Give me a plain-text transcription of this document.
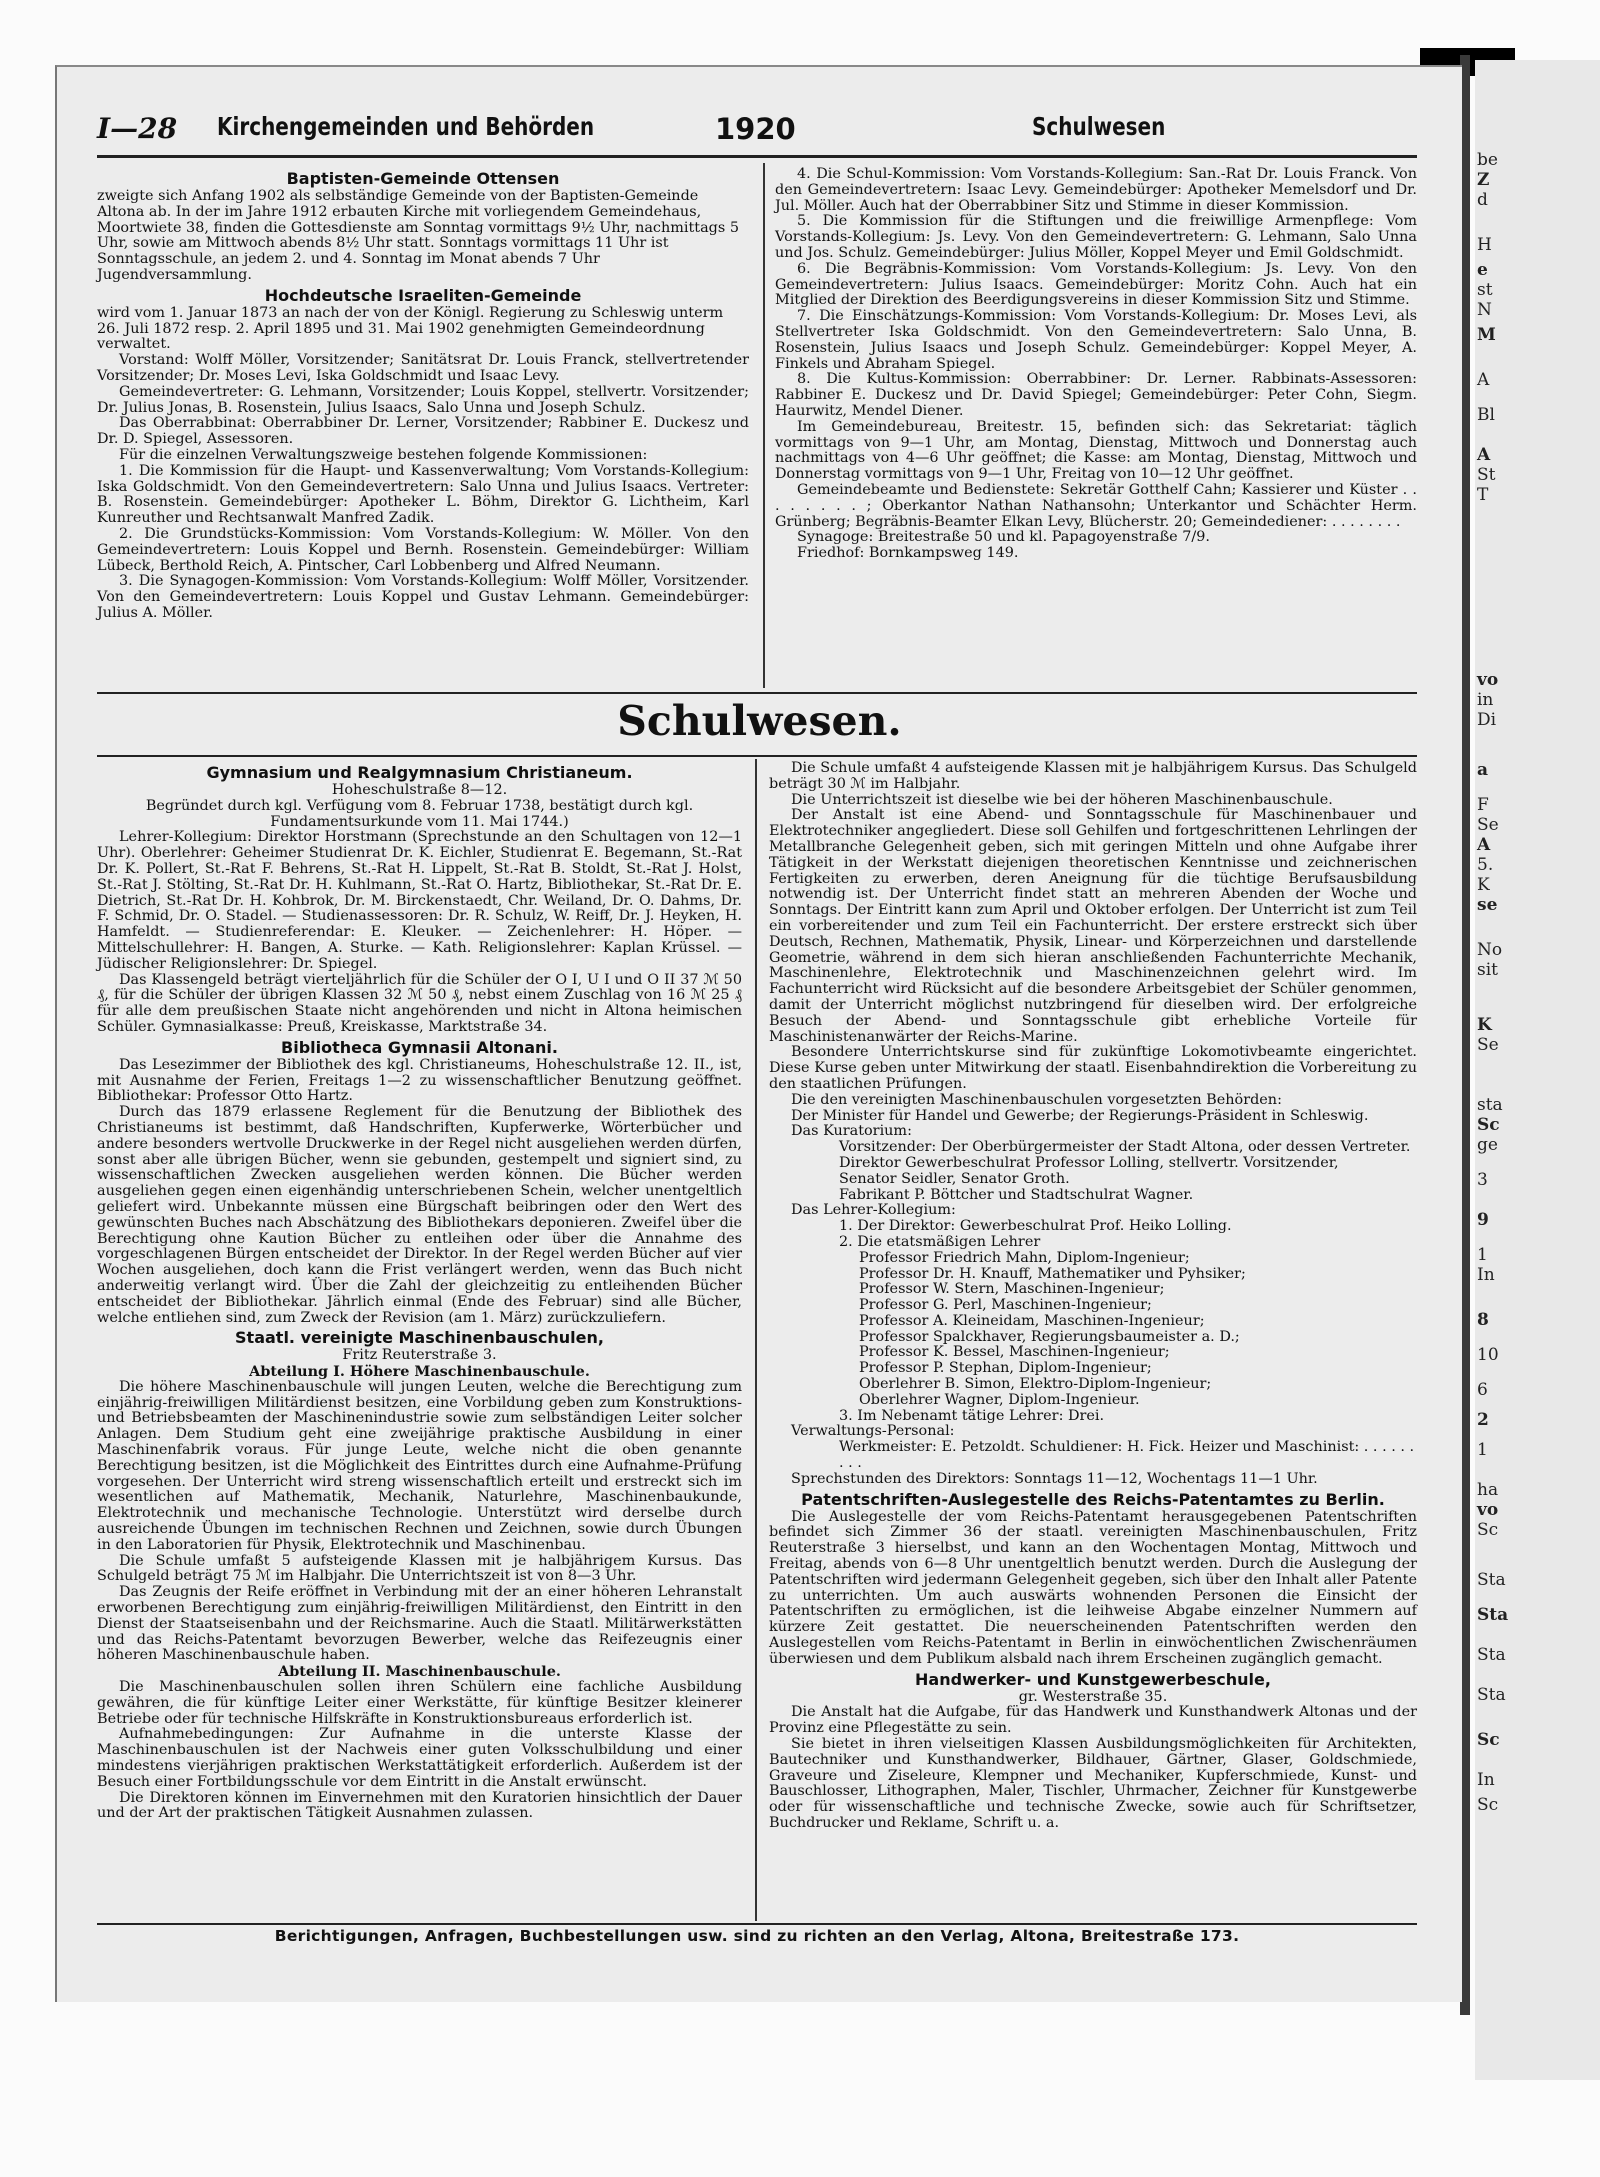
I—28 Kirchengemeinden und Behörden	1920	Schulwesen

Baptisten-Gemeinde Ottensen

zweigte sich Anfang 1902 als selbständige Gemeinde von der Baptisten-Gemeinde Altona ab. In der im Jahre 1912 erbauten Kirche mit vorliegendem Gemeindehaus, Moortwiete 38, finden die Gottesdienste am Sonntag vormittags 9½ Uhr, nachmittags 5 Uhr, sowie am Mittwoch abends 8½ Uhr statt. Sonntags vormittags 11 Uhr ist Sonntagsschule, an jedem 2. und 4. Sonntag im Monat abends 7 Uhr Jugendversammlung.

Hochdeutsche Israeliten-Gemeinde

wird vom 1. Januar 1873 an nach der von der Königl. Regierung zu Schleswig unterm 26. Juli 1872 resp. 2. April 1895 und 31. Mai 1902 genehmigten Gemeindeordnung verwaltet.

Vorstand: Wolff Möller, Vorsitzender; Sanitätsrat Dr. Louis Franck, stellvertretender Vorsitzender; Dr. Moses Levi, Iska Goldschmidt und Isaac Levy.

Gemeindevertreter: G. Lehmann, Vorsitzender; Louis Koppel, stellvertr. Vorsitzender; Dr. Julius Jonas, B. Rosenstein, Julius Isaacs, Salo Unna und Joseph Schulz.

Das Oberrabbinat: Oberrabbiner Dr. Lerner, Vorsitzender; Rabbiner E. Duckesz und Dr. D. Spiegel, Assessoren.

Für die einzelnen Verwaltungszweige bestehen folgende Kommissionen:

1. Die Kommission für die Haupt- und Kassenverwaltung; Vom Vorstands-Kollegium: Iska Goldschmidt. Von den Gemeindevertretern: Salo Unna und Julius Isaacs. Vertreter: B. Rosenstein. Gemeindebürger: Apotheker L. Böhm, Direktor G. Lichtheim, Karl Kunreuther und Rechtsanwalt Manfred Zadik.

2. Die Grundstücks-Kommission: Vom Vorstands-Kollegium: W. Möller. Von den Gemeindevertretern: Louis Koppel und Bernh. Rosenstein. Gemeindebürger: William Lübeck, Berthold Reich, A. Pintscher, Carl Lobbenberg und Alfred Neumann.

3. Die Synagogen-Kommission: Vom Vorstands-Kollegium: Wolff Möller, Vorsitzender. Von den Gemeindevertretern: Louis Koppel und Gustav Lehmann. Gemeindebürger: Julius A. Möller.

4. Die Schul-Kommission: Vom Vorstands-Kollegium: San.-Rat Dr. Louis Franck. Von den Gemeindevertretern: Isaac Levy. Gemeindebürger: Apotheker Memelsdorf und Dr. Jul. Möller. Auch hat der Oberrabbiner Sitz und Stimme in dieser Kommission.

5. Die Kommission für die Stiftungen und die freiwillige Armenpflege: Vom Vorstands-Kollegium: Js. Levy. Von den Gemeindevertretern: G. Lehmann, Salo Unna und Jos. Schulz. Gemeindebürger: Julius Möller, Koppel Meyer und Emil Goldschmidt.

6. Die Begräbnis-Kommission: Vom Vorstands-Kollegium: Js. Levy. Von den Gemeindevertretern: Julius Isaacs. Gemeindebürger: Moritz Cohn. Auch hat ein Mitglied der Direktion des Beerdigungsvereins in dieser Kommission Sitz und Stimme.

7. Die Einschätzungs-Kommission: Vom Vorstands-Kollegium: Dr. Moses Levi, als Stellvertreter Iska Goldschmidt. Von den Gemeindevertretern: Salo Unna, B. Rosenstein, Julius Isaacs und Joseph Schulz. Gemeindebürger: Koppel Meyer, A. Finkels und Abraham Spiegel.

8. Die Kultus-Kommission: Oberrabbiner: Dr. Lerner. Rabbinats-Assessoren: Rabbiner E. Duckesz und Dr. David Spiegel; Gemeindebürger: Peter Cohn, Siegm. Haurwitz, Mendel Diener.

Im Gemeindebureau, Breitestr. 15, befinden sich: das Sekretariat: täglich vormittags von 9—1 Uhr, am Montag, Dienstag, Mittwoch und Donnerstag auch nachmittags von 4—6 Uhr geöffnet; die Kasse: am Montag, Dienstag, Mittwoch und Donnerstag vormittags von 9—1 Uhr, Freitag von 10—12 Uhr geöffnet.

Gemeindebeamte und Bedienstete: Sekretär Gotthelf Cahn; Kassierer und Küster . . . . . . . . ; Oberkantor Nathan Nathansohn; Unterkantor und Schächter Herm. Grünberg; Begräbnis-Beamter Elkan Levy, Blücherstr. 20; Gemeindediener: . . . . . . . .

Synagoge: Breitestraße 50 und kl. Papagoyenstraße 7/9.

Friedhof: Bornkampsweg 149.

Schulwesen.

Gymnasium und Realgymnasium Christianeum.

Hoheschulstraße 8—12.

Begründet durch kgl. Verfügung vom 8. Februar 1738, bestätigt durch kgl. Fundamentsurkunde vom 11. Mai 1744.)

Lehrer-Kollegium: Direktor Horstmann (Sprechstunde an den Schultagen von 12—1 Uhr). Oberlehrer: Geheimer Studienrat Dr. K. Eichler, Studienrat E. Begemann, St.-Rat Dr. K. Pollert, St.-Rat F. Behrens, St.-Rat H. Lippelt, St.-Rat B. Stoldt, St.-Rat J. Holst, St.-Rat J. Stölting, St.-Rat Dr. H. Kuhlmann, St.-Rat O. Hartz, Bibliothekar, St.-Rat Dr. E. Dietrich, St.-Rat Dr. H. Kohbrok, Dr. M. Birckenstaedt, Chr. Weiland, Dr. O. Dahms, Dr. F. Schmid, Dr. O. Stadel. — Studienassessoren: Dr. R. Schulz, W. Reiff, Dr. J. Heyken, H. Hamfeldt. — Studienreferendar: E. Kleuker. — Zeichenlehrer: H. Höper. — Mittelschullehrer: H. Bangen, A. Sturke. — Kath. Religionslehrer: Kaplan Krüssel. — Jüdischer Religionslehrer: Dr. Spiegel.

Das Klassengeld beträgt vierteljährlich für die Schüler der O I, U I und O II 37 ℳ 50 ₰, für die Schüler der übrigen Klassen 32 ℳ 50 ₰, nebst einem Zuschlag von 16 ℳ 25 ₰ für alle dem preußischen Staate nicht angehörenden und nicht in Altona heimischen Schüler. Gymnasialkasse: Preuß, Kreiskasse, Marktstraße 34.

Bibliotheca Gymnasii Altonani.

Das Lesezimmer der Bibliothek des kgl. Christianeums, Hoheschulstraße 12. II., ist, mit Ausnahme der Ferien, Freitags 1—2 zu wissenschaftlicher Benutzung geöffnet. Bibliothekar: Professor Otto Hartz.

Durch das 1879 erlassene Reglement für die Benutzung der Bibliothek des Christianeums ist bestimmt, daß Handschriften, Kupferwerke, Wörterbücher und andere besonders wertvolle Druckwerke in der Regel nicht ausgeliehen werden dürfen, sonst aber alle übrigen Bücher, wenn sie gebunden, gestempelt und signiert sind, zu wissenschaftlichen Zwecken ausgeliehen werden können. Die Bücher werden ausgeliehen gegen einen eigenhändig unterschriebenen Schein, welcher unentgeltlich geliefert wird. Unbekannte müssen eine Bürgschaft beibringen oder den Wert des gewünschten Buches nach Abschätzung des Bibliothekars deponieren. Zweifel über die Berechtigung ohne Kaution Bücher zu entleihen oder über die Annahme des vorgeschlagenen Bürgen entscheidet der Direktor. In der Regel werden Bücher auf vier Wochen ausgeliehen, doch kann die Frist verlängert werden, wenn das Buch nicht anderweitig verlangt wird. Über die Zahl der gleichzeitig zu entleihenden Bücher entscheidet der Bibliothekar. Jährlich einmal (Ende des Februar) sind alle Bücher, welche entliehen sind, zum Zweck der Revision (am 1. März) zurückzuliefern.

Staatl. vereinigte Maschinenbauschulen,

Fritz Reuterstraße 3.

Abteilung I. Höhere Maschinenbauschule.

Die höhere Maschinenbauschule will jungen Leuten, welche die Berechtigung zum einjährig-freiwilligen Militärdienst besitzen, eine Vorbildung geben zum Konstruktions- und Betriebsbeamten der Maschinenindustrie sowie zum selbständigen Leiter solcher Anlagen. Dem Studium geht eine zweijährige praktische Ausbildung in einer Maschinenfabrik voraus. Für junge Leute, welche nicht die oben genannte Berechtigung besitzen, ist die Möglichkeit des Eintrittes durch eine Aufnahme-Prüfung vorgesehen. Der Unterricht wird streng wissenschaftlich erteilt und erstreckt sich im wesentlichen auf Mathematik, Mechanik, Naturlehre, Maschinenbaukunde, Elektrotechnik und mechanische Technologie. Unterstützt wird derselbe durch ausreichende Übungen im technischen Rechnen und Zeichnen, sowie durch Übungen in den Laboratorien für Physik, Elektrotechnik und Maschinenbau.

Die Schule umfaßt 5 aufsteigende Klassen mit je halbjährigem Kursus. Das Schulgeld beträgt 75 ℳ im Halbjahr. Die Unterrichtszeit ist von 8—3 Uhr.

Das Zeugnis der Reife eröffnet in Verbindung mit der an einer höheren Lehranstalt erworbenen Berechtigung zum einjährig-freiwilligen Militärdienst, den Eintritt in den Dienst der Staatseisenbahn und der Reichsmarine. Auch die Staatl. Militärwerkstätten und das Reichs-Patentamt bevorzugen Bewerber, welche das Reifezeugnis einer höheren Maschinenbauschule haben.

Abteilung II. Maschinenbauschule.

Die Maschinenbauschulen sollen ihren Schülern eine fachliche Ausbildung gewähren, die für künftige Leiter einer Werkstätte, für künftige Besitzer kleinerer Betriebe oder für technische Hilfskräfte in Konstruktionsbureaus erforderlich ist.

Aufnahmebedingungen: Zur Aufnahme in die unterste Klasse der Maschinenbauschulen ist der Nachweis einer guten Volksschulbildung und einer mindestens vierjährigen praktischen Werkstattätigkeit erforderlich. Außerdem ist der Besuch einer Fortbildungsschule vor dem Eintritt in die Anstalt erwünscht.

Die Direktoren können im Einvernehmen mit den Kuratorien hinsichtlich der Dauer und der Art der praktischen Tätigkeit Ausnahmen zulassen.

Die Schule umfaßt 4 aufsteigende Klassen mit je halbjährigem Kursus. Das Schulgeld beträgt 30 ℳ im Halbjahr.

Die Unterrichtszeit ist dieselbe wie bei der höheren Maschinenbauschule.

Der Anstalt ist eine Abend- und Sonntagsschule für Maschinenbauer und Elektrotechniker angegliedert. Diese soll Gehilfen und fortgeschrittenen Lehrlingen der Metallbranche Gelegenheit geben, sich mit geringen Mitteln und ohne Aufgabe ihrer Tätigkeit in der Werkstatt diejenigen theoretischen Kenntnisse und zeichnerischen Fertigkeiten zu erwerben, deren Aneignung für die tüchtige Berufsausbildung notwendig ist. Der Unterricht findet statt an mehreren Abenden der Woche und Sonntags. Der Eintritt kann zum April und Oktober erfolgen. Der Unterricht ist zum Teil ein vorbereitender und zum Teil ein Fachunterricht. Der erstere erstreckt sich über Deutsch, Rechnen, Mathematik, Physik, Linear- und Körperzeichnen und darstellende Geometrie, während in dem sich hieran anschließenden Fachunterrichte Mechanik, Maschinenlehre, Elektrotechnik und Maschinenzeichnen gelehrt wird. Im Fachunterricht wird Rücksicht auf die besondere Arbeitsgebiet der Schüler genommen, damit der Unterricht möglichst nutzbringend für dieselben wird. Der erfolgreiche Besuch der Abend- und Sonntagsschule gibt erhebliche Vorteile für Maschinistenanwärter der Reichs-Marine.

Besondere Unterrichtskurse sind für zukünftige Lokomotivbeamte eingerichtet. Diese Kurse geben unter Mitwirkung der staatl. Eisenbahndirektion die Vorbereitung zu den staatlichen Prüfungen.

Die den vereinigten Maschinenbauschulen vorgesetzten Behörden:

Der Minister für Handel und Gewerbe; der Regierungs-Präsident in Schleswig.

Das Kuratorium:

Vorsitzender: Der Oberbürgermeister der Stadt Altona, oder dessen Vertreter.

Direktor Gewerbeschulrat Professor Lolling, stellvertr. Vorsitzender,

Senator Seidler, Senator Groth.

Fabrikant P. Böttcher und Stadtschulrat Wagner.

Das Lehrer-Kollegium:

1. Der Direktor: Gewerbeschulrat Prof. Heiko Lolling.

2. Die etatsmäßigen Lehrer

Professor Friedrich Mahn, Diplom-Ingenieur;

Professor Dr. H. Knauff, Mathematiker und Pyhsiker;

Professor W. Stern, Maschinen-Ingenieur;

Professor G. Perl, Maschinen-Ingenieur;

Professor A. Kleineidam, Maschinen-Ingenieur;

Professor Spalckhaver, Regierungsbaumeister a. D.;

Professor K. Bessel, Maschinen-Ingenieur;

Professor P. Stephan, Diplom-Ingenieur;

Oberlehrer B. Simon, Elektro-Diplom-Ingenieur;

Oberlehrer Wagner, Diplom-Ingenieur.

3. Im Nebenamt tätige Lehrer: Drei.

Verwaltungs-Personal:

Werkmeister: E. Petzoldt. Schuldiener: H. Fick. Heizer und Maschinist: . . . . . . . . .

Sprechstunden des Direktors: Sonntags 11—12, Wochentags 11—1 Uhr.

Patentschriften-Auslegestelle des Reichs-Patentamtes zu Berlin.

Die Auslegestelle der vom Reichs-Patentamt herausgegebenen Patentschriften befindet sich Zimmer 36 der staatl. vereinigten Maschinenbauschulen, Fritz Reuterstraße 3 hierselbst, und kann an den Wochentagen Montag, Mittwoch und Freitag, abends von 6—8 Uhr unentgeltlich benutzt werden. Durch die Auslegung der Patentschriften wird jedermann Gelegenheit gegeben, sich über den Inhalt aller Patente zu unterrichten. Um auch auswärts wohnenden Personen die Einsicht der Patentschriften zu ermöglichen, ist die leihweise Abgabe einzelner Nummern auf kürzere Zeit gestattet. Die neuerscheinenden Patentschriften werden den Auslegestellen vom Reichs-Patentamt in Berlin in einwöchentlichen Zwischenräumen überwiesen und dem Publikum alsbald nach ihrem Erscheinen zugänglich gemacht.

Handwerker- und Kunstgewerbeschule,

gr. Westerstraße 35.

Die Anstalt hat die Aufgabe, für das Handwerk und Kunsthandwerk Altonas und der Provinz eine Pflegestätte zu sein.

Sie bietet in ihren vielseitigen Klassen Ausbildungsmöglichkeiten für Architekten, Bautechniker und Kunsthandwerker, Bildhauer, Gärtner, Glaser, Goldschmiede, Graveure und Ziseleure, Klempner und Mechaniker, Kupferschmiede, Kunst- und Bauschlosser, Lithographen, Maler, Tischler, Uhrmacher, Zeichner für Kunstgewerbe oder für wissenschaftliche und technische Zwecke, sowie auch für Schriftsetzer, Buchdrucker und Reklame, Schrift u. a.

Berichtigungen, Anfragen, Buchbestellungen usw. sind zu richten an den Verlag, Altona, Breitestraße 173.
be
Z
d
H
e
st
N
M
A
Bl
A
St
T
vo
in
Di
a
F
Se
A
5.
K
se
No
sit
K
Se
sta
Sc
ge
3
9
1
In
8
10
6
2
1
ha
vo
Sc
Sta
Sta
Sta
Sta
Sc
In
Sc
